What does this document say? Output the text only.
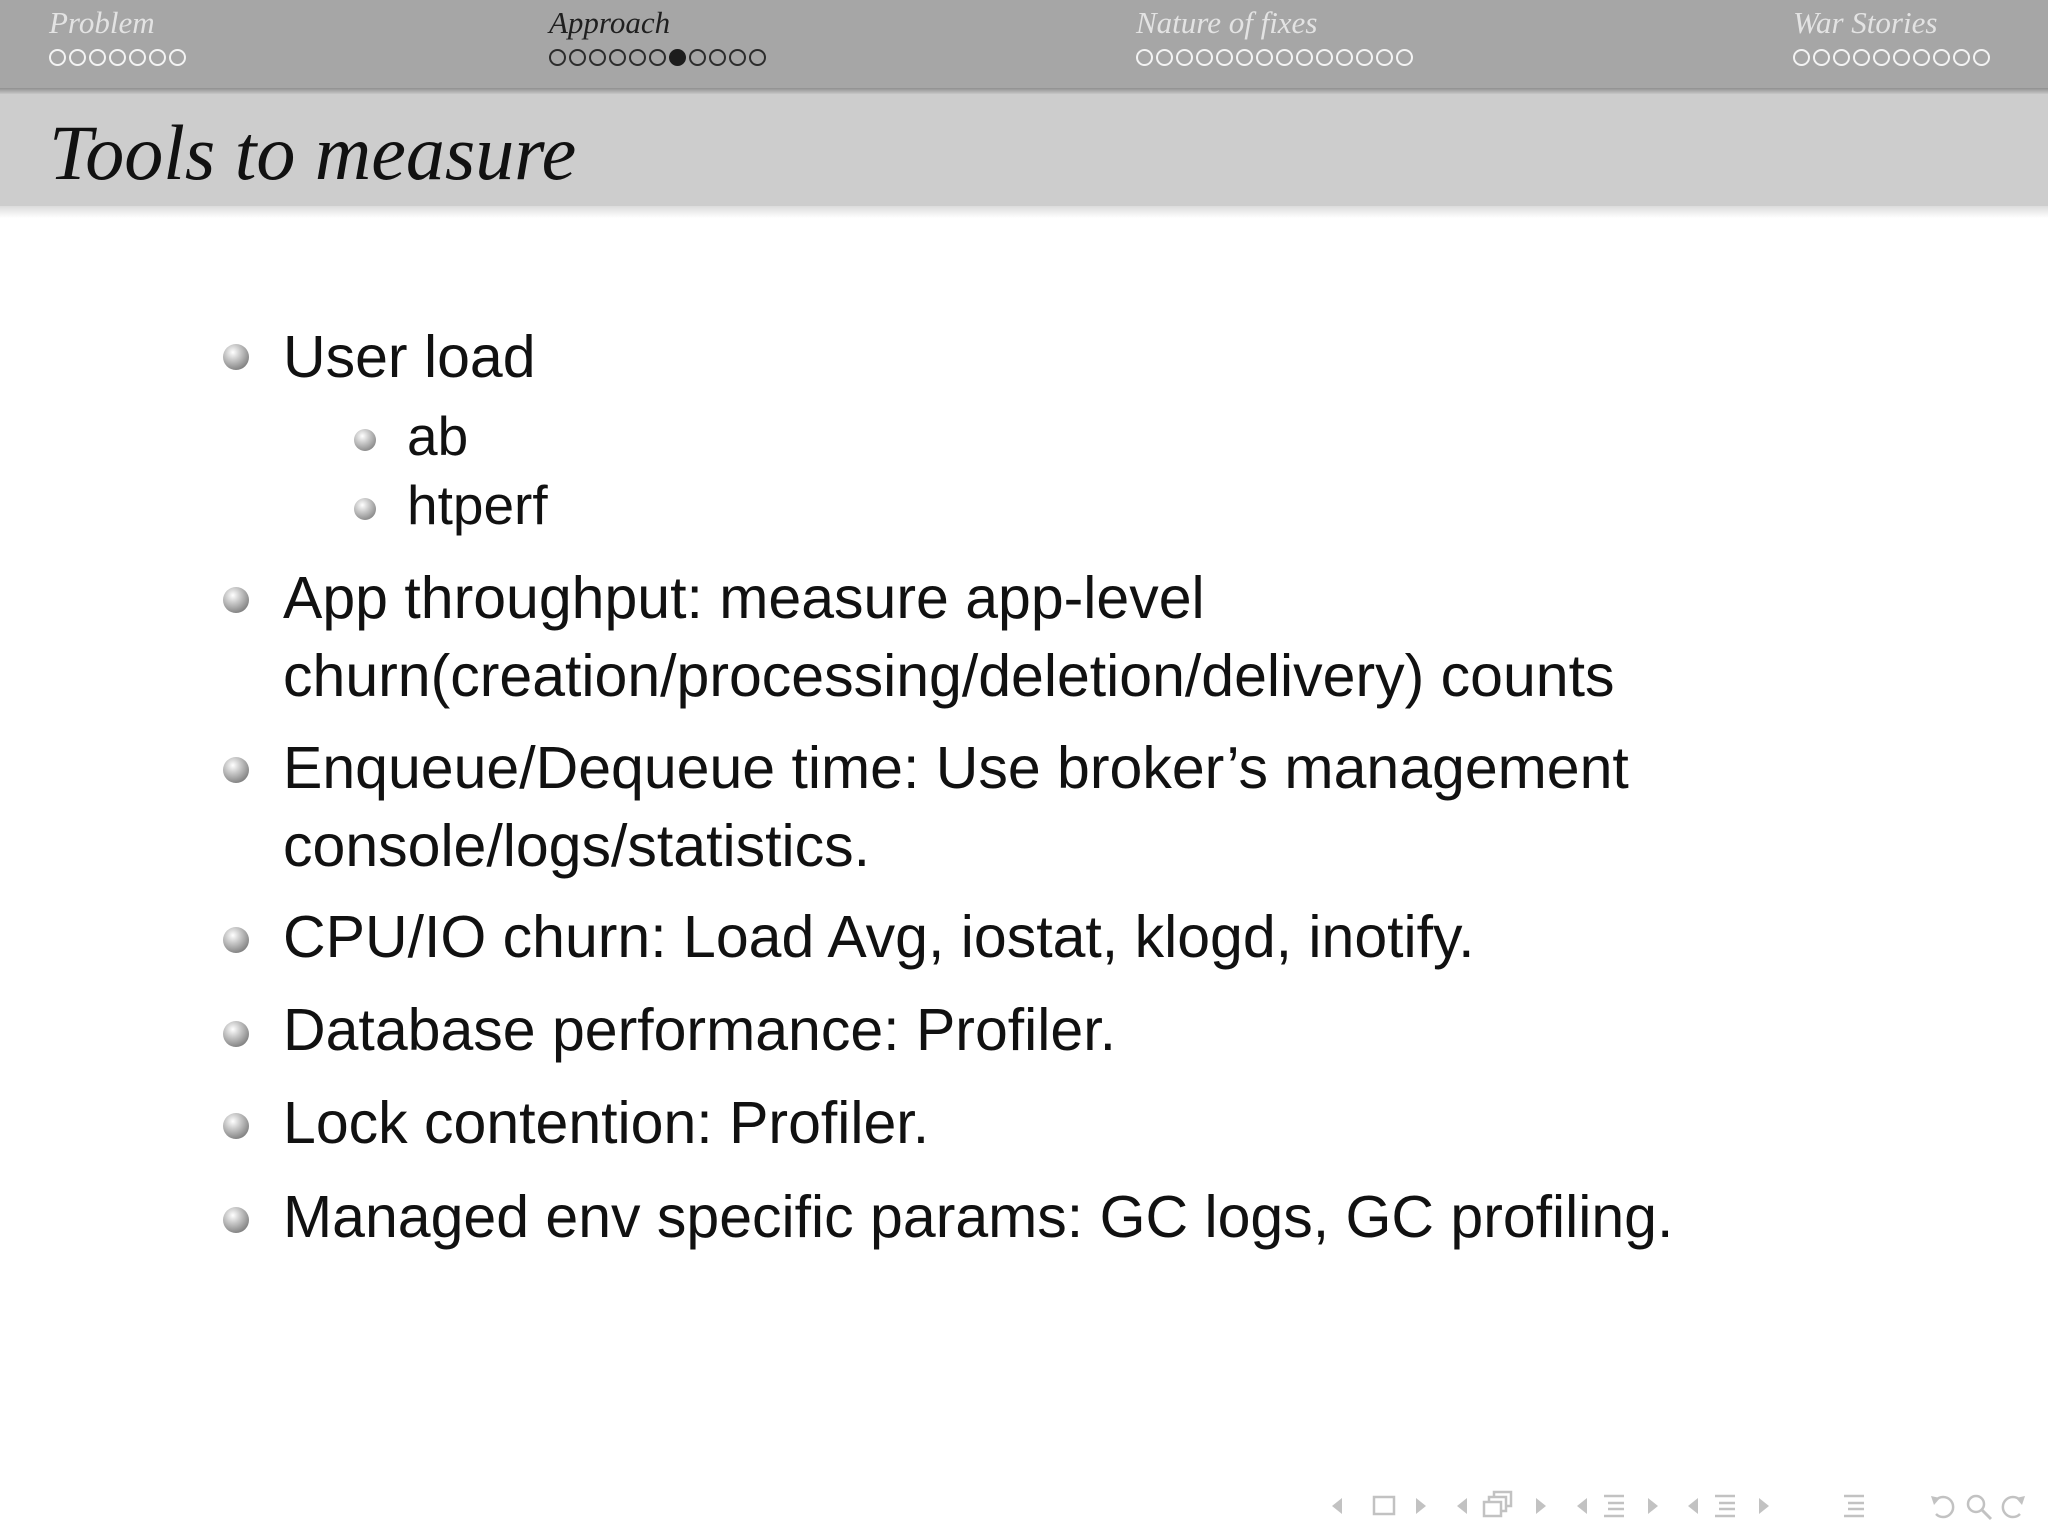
Problem	Approach	Nature of fixes	War Stories
Tools to measure
User load
ab
htperf
App throughput: measure app-level
churn(creation/processing/deletion/delivery) counts
Enqueue/Dequeue time: Use broker’s management
console/logs/statistics.
CPU/IO churn: Load Avg, iostat, klogd, inotify.
Database performance: Profiler.
Lock contention: Profiler.
Managed env specific params: GC logs, GC profiling.
